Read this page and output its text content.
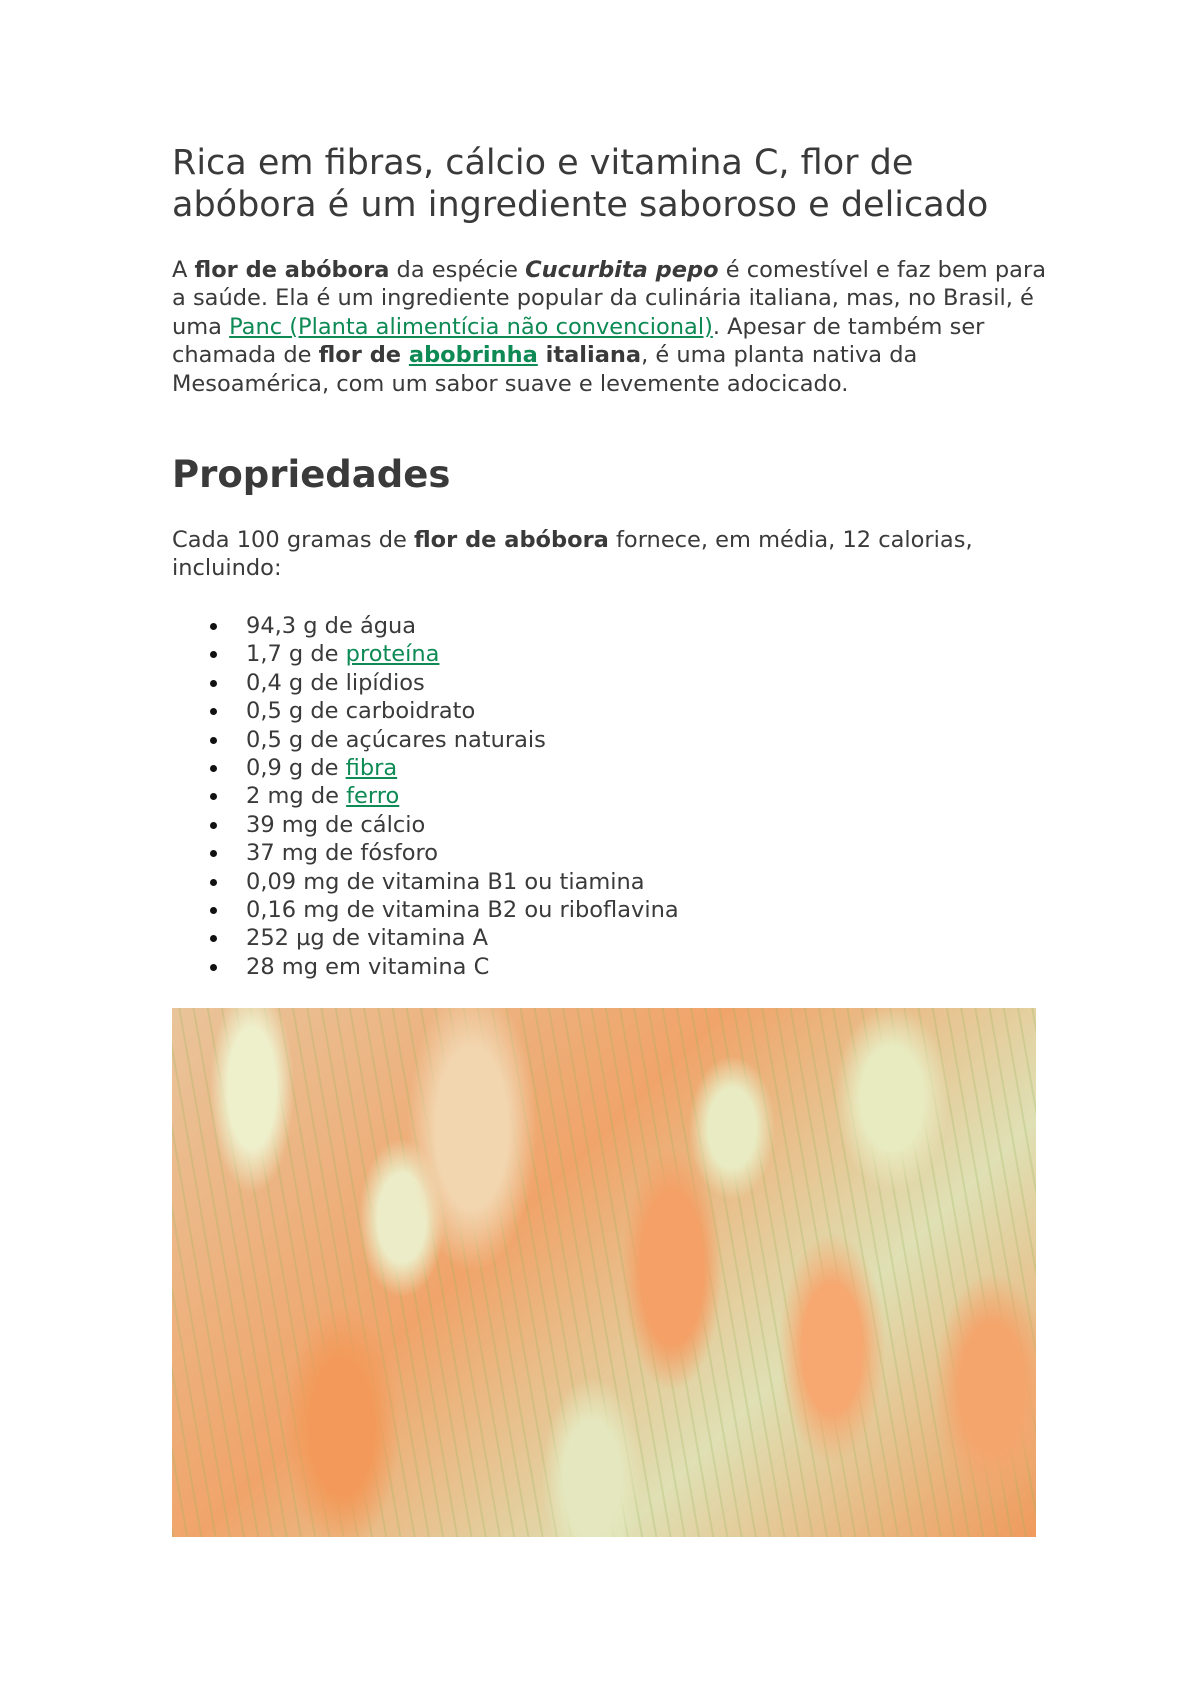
Rica em fibras, cálcio e vitamina C, flor de abóbora é um ingrediente saboroso e delicado

A flor de abóbora da espécie Cucurbita pepo é comestível e faz bem para a saúde. Ela é um ingrediente popular da culinária italiana, mas, no Brasil, é uma Panc (Planta alimentícia não convencional). Apesar de também ser chamada de flor de abobrinha italiana, é uma planta nativa da Mesoamérica, com um sabor suave e levemente adocicado.

Propriedades

Cada 100 gramas de flor de abóbora fornece, em média, 12 calorias, incluindo:

94,3 g de água
1,7 g de proteína
0,4 g de lipídios
0,5 g de carboidrato
0,5 g de açúcares naturais
0,9 g de fibra
2 mg de ferro
39 mg de cálcio
37 mg de fósforo
0,09 mg de vitamina B1 ou tiamina
0,16 mg de vitamina B2 ou riboflavina
252 µg de vitamina A
28 mg em vitamina C
